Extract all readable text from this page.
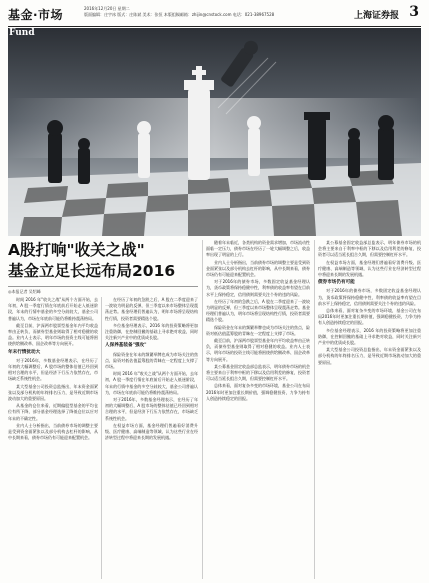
基金·市场	2016年12月20日 星期二
版面编辑：庄宇冰 版式：庄陈斌 美术：张恒 本版组稿邮箱：zhijin@cnstock.com 电话：021-38967528	上海证券报 3
Fund
A股打响"收关之战"
基金立足长远布局2016
◎本报记者 吴绍峰

时间 2016 年"收关之战"从两个方面开始，去年初，A 股一季度行情在年底前后开始走入低迷阶段，年末的行情中基金的多空分歧较大，基金公司普遍认为，市场在年底前可能仍将维持震荡格局。

截至目前，沪深两市股票型基金年内平均收益率由正转负，而债券型基金则取得了相对稳健的收益。业内人士表示，明年市场的投资主线可能将围绕供给侧改革、国企改革等方向展开。

年末行情扰动大

对于2016年，多数基金经理表示，在经历了年初的大幅调整后，A 股市场的整体估值已经回到相对合理的水平，但是经济下行压力依然存在，市场缺乏系统性机会。

某大型基金公司投资总监指出，年末资金面紧张以及部分机构的年终排名压力，是导致近期市场波动加大的重要原因。

从基金的仓位来看，近期偏股型基金的平均仓位有所下降，部分基金经理选择了降低仓位以应对年末的不确定性。

业内人士分析指出，当前债券市场的调整主要是受到资金面紧张以及部分机构去杠杆的影响，从中长期来看，债券市场仍有可能迎来配置机会。

在经历了年初的急跌之后，A 股在二季度迎来了一波较为明显的反弹，但三季度以来市场整体呈现震荡走势。基金经理们普遍认为，明年市场将呈现结构性行情，投资者需要精选个股。

多位基金经理表示，2016 年的投资策略将更加注重防御，在控制回撤的基础上寻求绝对收益，同时关注新兴产业中的优质成长股。

人保养基装备"强攻"

保险资金在年末的频繁举牌也成为市场关注的焦点，险资对低估值蓝筹股的青睐在一定程度上支撑了市场。

时间 2016 年"收关之战"从两个方面开始，去年初，A 股一季度行情在年底前后开始走入低迷阶段，年末的行情中基金的多空分歧较大，基金公司普遍认为，市场在年底前可能仍将维持震荡格局。

对于2016年，多数基金经理表示，在经历了年初的大幅调整后，A 股市场的整体估值已经回到相对合理的水平，但是经济下行压力依然存在，市场缺乏系统性机会。

在权益市场方面，基金经理们普遍看好消费升级、医疗健康、高端制造等领域，认为这些行业在经济转型过程中将迎来长期的发展机遇。

随着年末临近，各类机构的资金需求增加，市场流动性面临一定压力，债券市场在经历了一轮大幅调整之后，收益率出现了明显的上行。

业内人士分析指出，当前债券市场的调整主要是受到资金面紧张以及部分机构去杠杆的影响，从中长期来看，债券市场仍有可能迎来配置机会。

对于2016年的债券市场，多数固定收益基金经理认为，货币政策将保持稳健中性，利率债的收益率有望在目前水平上保持稳定，信用债则需要关注个券的违约风险。

在经历了年初的急跌之后，A 股在二季度迎来了一波较为明显的反弹，但三季度以来市场整体呈现震荡走势。基金经理们普遍认为，明年市场将呈现结构性行情，投资者需要精选个股。

保险资金在年末的频繁举牌也成为市场关注的焦点，险资对低估值蓝筹股的青睐在一定程度上支撑了市场。

截至目前，沪深两市股票型基金年内平均收益率由正转负，而债券型基金则取得了相对稳健的收益。业内人士表示，明年市场的投资主线可能将围绕供给侧改革、国企改革等方向展开。

某公募基金固定收益部总监表示，明年债券市场的机会将主要来自于利率中枢的下移以及信用利差的修复，投资者可以适当延长组合久期，但需要控制杠杆水平。

总体来看，面对复杂多变的市场环境，基金公司在布局2016年时更加注重长期价值，强调稳健投资，力争为持有人创造持续稳定的回报。

某公募基金固定收益部总监表示，明年债券市场的机会将主要来自于利率中枢的下移以及信用利差的修复，投资者可以适当延长组合久期，但需要控制杠杆水平。

在权益市场方面，基金经理们普遍看好消费升级、医疗健康、高端制造等领域，认为这些行业在经济转型过程中将迎来长期的发展机遇。

债券市场仍有可能

对于2016年的债券市场，多数固定收益基金经理认为，货币政策将保持稳健中性，利率债的收益率有望在目前水平上保持稳定，信用债则需要关注个券的违约风险。

总体来看，面对复杂多变的市场环境，基金公司在布局2016年时更加注重长期价值，强调稳健投资，力争为持有人创造持续稳定的回报。

多位基金经理表示，2016 年的投资策略将更加注重防御，在控制回撤的基础上寻求绝对收益，同时关注新兴产业中的优质成长股。

某大型基金公司投资总监指出，年末资金面紧张以及部分机构的年终排名压力，是导致近期市场波动加大的重要原因。
